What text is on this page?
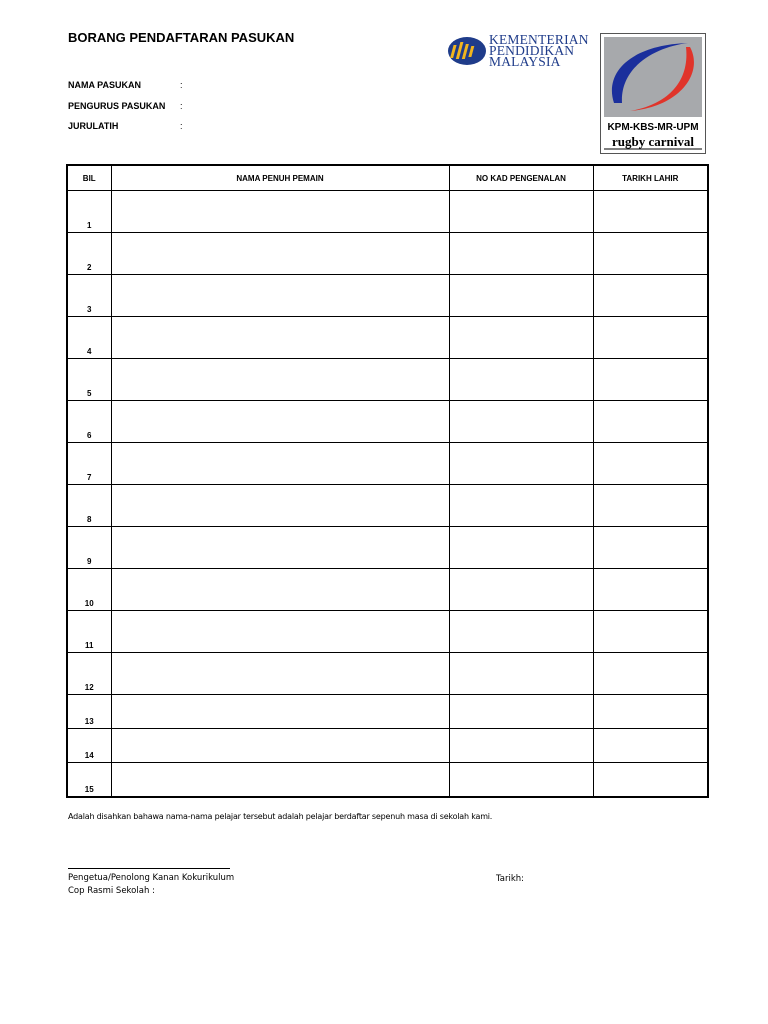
BORANG PENDAFTARAN PASUKAN
NAMA PASUKAN	:
PENGURUS PASUKAN :
JURULATIH	:
KEMENTERIAN
PENDIDIKAN
MALAYSIA
KPM-KBS-MR-UPM
rugby carnival
BIL	NAMA PENUH PEMAIN	NO KAD PENGENALAN	TARIKH LAHIR
1			
2			
3			
4			
5			
6			
7			
8			
9			
10			
11			
12			
13			
14			
15			
Adalah disahkan bahawa nama-nama pelajar tersebut adalah pelajar berdaftar sepenuh masa di sekolah kami.
Pengetua/Penolong Kanan Kokurikulum
Cop Rasmi Sekolah :
Tarikh:
